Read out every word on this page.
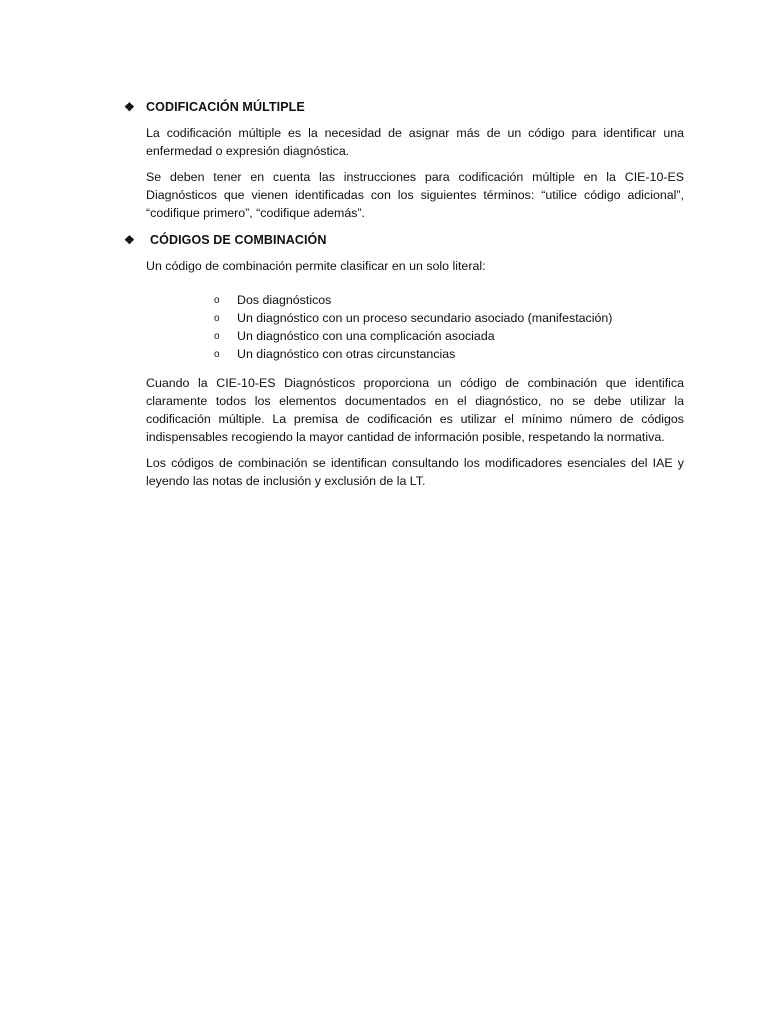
❖ CODIFICACIÓN MÚLTIPLE
La codificación múltiple es la necesidad de asignar más de un código para identificar una enfermedad o expresión diagnóstica.
Se deben tener en cuenta las instrucciones para codificación múltiple en la CIE-10-ES Diagnósticos que vienen identificadas con los siguientes términos: “utilice código adicional”, “codifique primero”, “codifique además”.
❖	CÓDIGOS DE COMBINACIÓN
Un código de combinación permite clasificar en un solo literal:
o	Dos diagnósticos
o	Un diagnóstico con un proceso secundario asociado (manifestación)
o	Un diagnóstico con una complicación asociada
o	Un diagnóstico con otras circunstancias
Cuando la CIE-10-ES Diagnósticos proporciona un código de combinación que identifica claramente todos los elementos documentados en el diagnóstico, no se debe utilizar la codificación múltiple. La premisa de codificación es utilizar el mínimo número de códigos indispensables recogiendo la mayor cantidad de información posible, respetando la normativa.
Los códigos de combinación se identifican consultando los modificadores esenciales del IAE y leyendo las notas de inclusión y exclusión de la LT.
